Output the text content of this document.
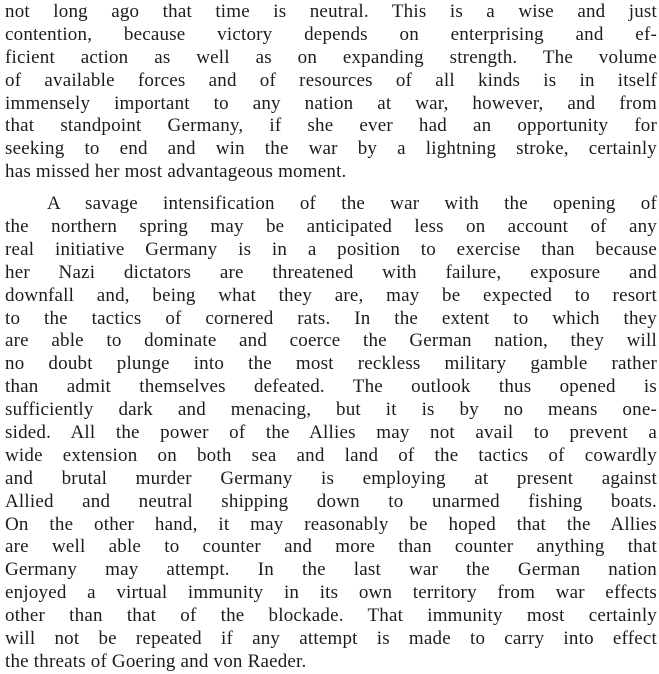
not long ago that time is neutral. This is a wise and just
contention, because victory depends on enterprising and ef-
ficient action as well as on expanding strength. The volume
of available forces and of resources of all kinds is in itself
immensely important to any nation at war, however, and from
that standpoint Germany, if she ever had an opportunity for
seeking to end and win the war by a lightning stroke, certainly
has missed her most advantageous moment.
A savage intensification of the war with the opening of
the northern spring may be anticipated less on account of any
real initiative Germany is in a position to exercise than because
her Nazi dictators are threatened with failure, exposure and
downfall and, being what they are, may be expected to resort
to the tactics of cornered rats. In the extent to which they
are able to dominate and coerce the German nation, they will
no doubt plunge into the most reckless military gamble rather
than admit themselves defeated. The outlook thus opened is
sufficiently dark and menacing, but it is by no means one-
sided. All the power of the Allies may not avail to prevent a
wide extension on both sea and land of the tactics of cowardly
and brutal murder Germany is employing at present against
Allied and neutral shipping down to unarmed fishing boats.
On the other hand, it may reasonably be hoped that the Allies
are well able to counter and more than counter anything that
Germany may attempt. In the last war the German nation
enjoyed a virtual immunity in its own territory from war effects
other than that of the blockade. That immunity most certainly
will not be repeated if any attempt is made to carry into effect
the threats of Goering and von Raeder.
